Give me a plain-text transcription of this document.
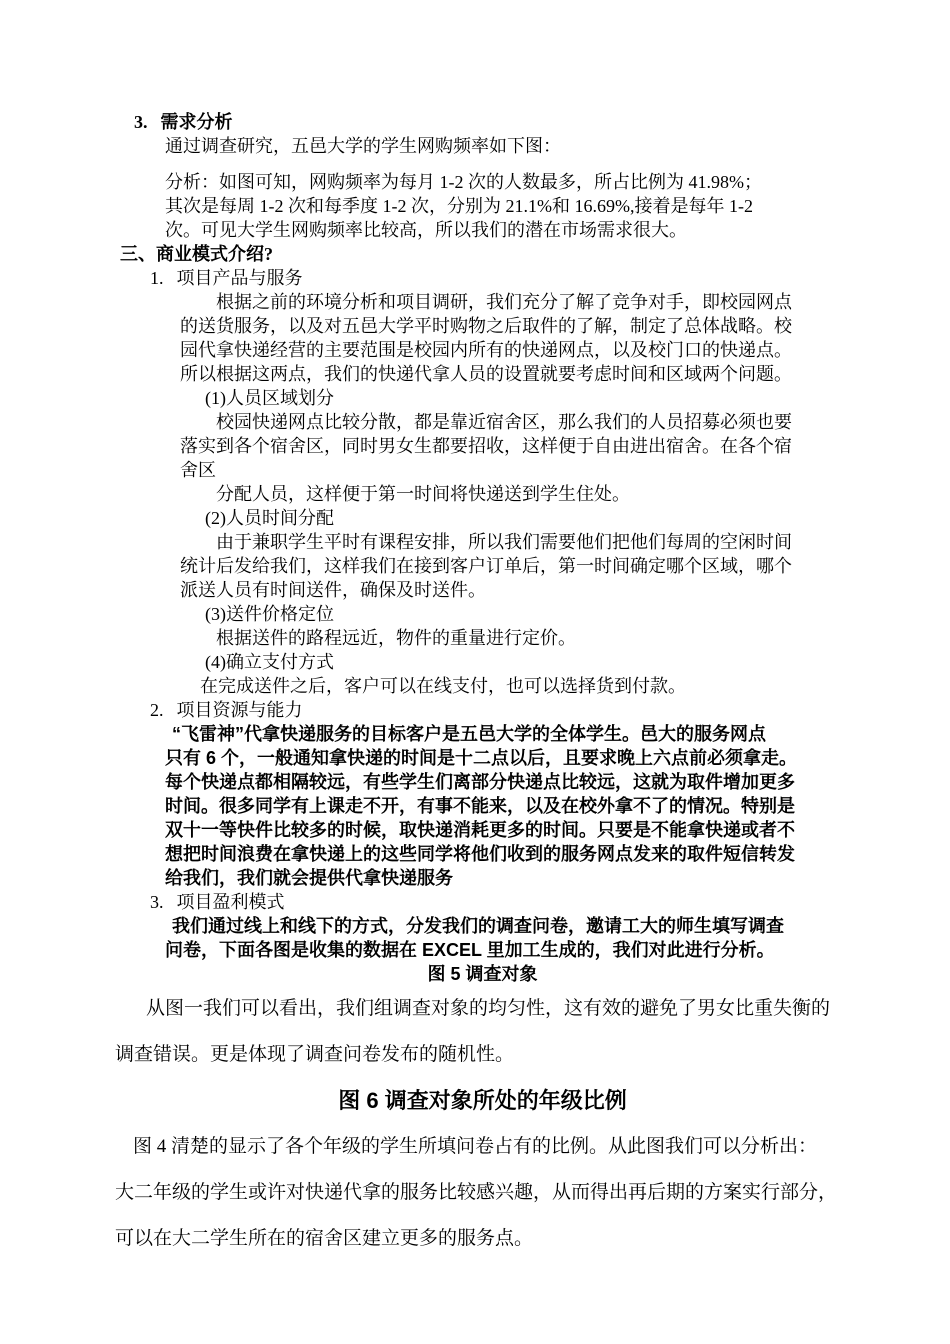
3. 需求分析
通过调查研究，五邑大学的学生网购频率如下图：
分析：如图可知，网购频率为每月 1-2 次的人数最多，所占比例为 41.98%；
其次是每周 1-2 次和每季度 1-2 次，分别为 21.1%和 16.69%,接着是每年 1-2
次。可见大学生网购频率比较高，所以我们的潜在市场需求很大。
三、商业模式介绍?
1. 项目产品与服务
根据之前的环境分析和项目调研，我们充分了解了竞争对手，即校园网点
的送货服务，以及对五邑大学平时购物之后取件的了解，制定了总体战略。校
园代拿快递经营的主要范围是校园内所有的快递网点，以及校门口的快递点。
所以根据这两点，我们的快递代拿人员的设置就要考虑时间和区域两个问题。
(1)人员区域划分
校园快递网点比较分散，都是靠近宿舍区，那么我们的人员招募必须也要
落实到各个宿舍区，同时男女生都要招收，这样便于自由进出宿舍。在各个宿
舍区
分配人员，这样便于第一时间将快递送到学生住处。
(2)人员时间分配
由于兼职学生平时有课程安排，所以我们需要他们把他们每周的空闲时间
统计后发给我们，这样我们在接到客户订单后，第一时间确定哪个区域，哪个
派送人员有时间送件，确保及时送件。
(3)送件价格定位
根据送件的路程远近，物件的重量进行定价。
(4)确立支付方式
在完成送件之后，客户可以在线支付，也可以选择货到付款。
2. 项目资源与能力
“飞雷神”代拿快递服务的目标客户是五邑大学的全体学生。邑大的服务网点
只有 6 个，一般通知拿快递的时间是十二点以后，且要求晚上六点前必须拿走。
每个快递点都相隔较远，有些学生们离部分快递点比较远，这就为取件增加更多
时间。很多同学有上课走不开，有事不能来，以及在校外拿不了的情况。特别是
双十一等快件比较多的时候，取快递消耗更多的时间。只要是不能拿快递或者不
想把时间浪费在拿快递上的这些同学将他们收到的服务网点发来的取件短信转发
给我们，我们就会提供代拿快递服务
3. 项目盈利模式
我们通过线上和线下的方式，分发我们的调查问卷，邀请工大的师生填写调查
问卷，下面各图是收集的数据在 EXCEL 里加工生成的，我们对此进行分析。
图 5 调查对象
从图一我们可以看出，我们组调查对象的均匀性，这有效的避免了男女比重失衡的
调查错误。更是体现了调查问卷发布的随机性。
图 6 调查对象所处的年级比例
图 4 清楚的显示了各个年级的学生所填问卷占有的比例。从此图我们可以分析出：
大二年级的学生或许对快递代拿的服务比较感兴趣，从而得出再后期的方案实行部分，
可以在大二学生所在的宿舍区建立更多的服务点。
